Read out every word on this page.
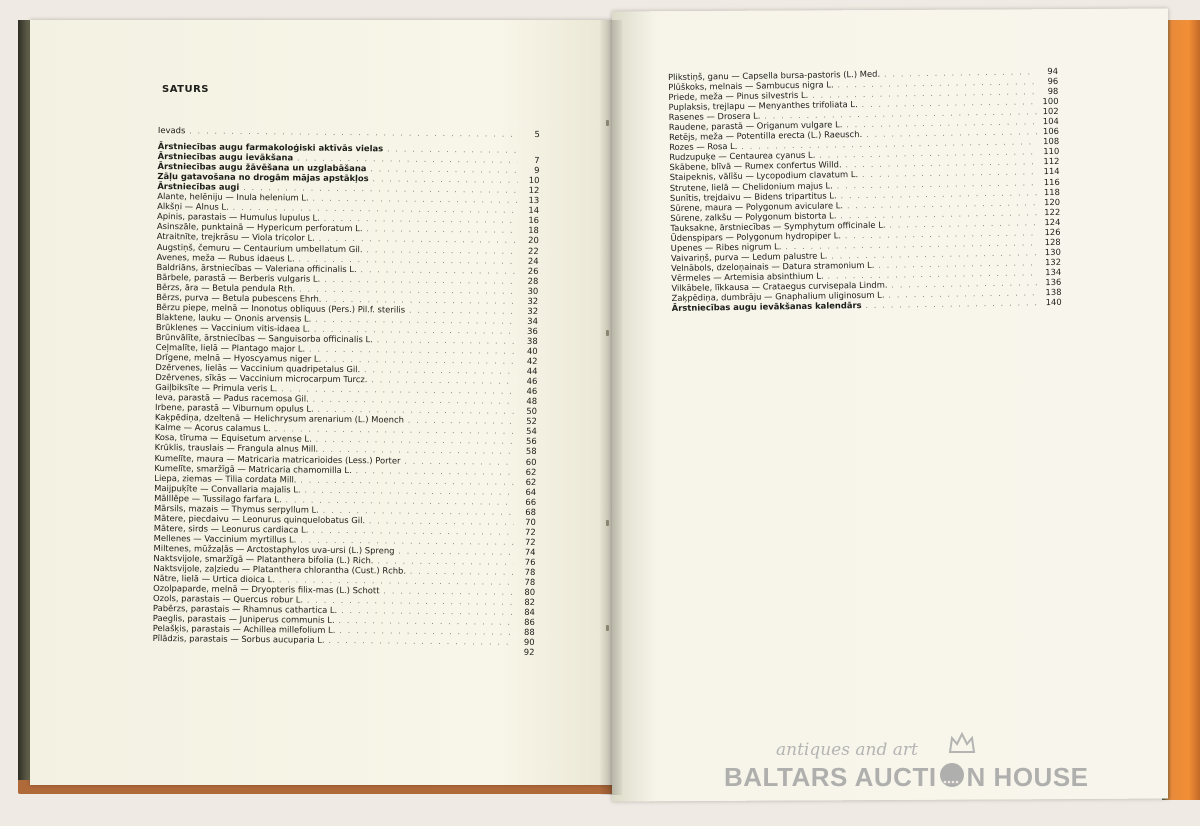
SATURS
Ievads . . .	5
Ārstniecības augu farmakoloģiski aktīvās vielas
. . .
Ārstniecības augu ievākšana . . .	7
Ārstniecības augu žāvēšana un uzglabāšana . . .	9
Zāļu gatavošana no drogām mājas apstākļos . . .	10
Ārstniecības augi . . .	12
Alante, helēniju — Inula helenium L. . . .	13
Alkšņi — Alnus L. . . .	14
Apinis, parastais — Humulus lupulus L. . . .	16
Asinszāle, punktainā — Hypericum perforatum L. . . .	18
Atraitnīte, trejkrāsu — Viola tricolor L. . . .	20
Augstiņš, čemuru — Centaurium umbellatum Gil. . . .	22
Avenes, meža — Rubus idaeus L. . . .	24
Baldriāns, ārstniecības — Valeriana officinalis L. . . .	26
Bārbele, parastā — Berberis vulgaris L. . . .	28
Bērzs, āra — Betula pendula Rth. . . .	30
Bērzs, purva — Betula pubescens Ehrh. . . .	32
Bērzu piepe, melnā — Inonotus obliquus (Pers.) Pil.f. sterilis . . .	32
Blaktene, lauku — Ononis arvensis L. . . .	34
Brūklenes — Vaccinium vitis-idaea L. . . .	36
Brūnvālīte, ārstniecības — Sanguisorba officinalis L. . . .	38
Ceļmalīte, lielā — Plantago major L. . . .	40
Drīgene, melnā — Hyoscyamus niger L. . . .	42
Dzērvenes, lielās — Vaccinium quadripetalus Gil. . . .	44
Dzērvenes, sīkās — Vaccinium microcarpum Turcz. . . .	46
Gaiļbiksīte — Primula veris L. . . .	46
Ieva, parastā — Padus racemosa Gil. . . .	48
Irbene, parastā — Viburnum opulus L. . . .	50
Kaķpēdiņa, dzeltenā — Helichrysum arenarium (L.) Moench . . .	52
Kalme — Acorus calamus L. . . .	54
Kosa, tīruma — Equisetum arvense L. . . .	56
Krūklis, trauslais — Frangula alnus Mill. . . .	58
Kumelīte, maura — Matricaria matricarioides (Less.) Porter . . .	60
Kumelīte, smaržīgā — Matricaria chamomilla L. . . .	62
Liepa, ziemas — Tilia cordata Mill. . . .	62
Maijpuķīte — Convallaria majalis L. . . .	64
Mālllēpe — Tussilago farfara L. . . .	66
Mārsils, mazais — Thymus serpyllum L. . . .	68
Mātere, piecdaivu — Leonurus quinquelobatus Gil. . . .	70
Mātere, sirds — Leonurus cardiaca L. . . .	72
Mellenes — Vaccinium myrtillus L. . . .	72
Miltenes, mūžzaļās — Arctostaphylos uva-ursi (L.) Spreng . . .	74
Naktsvijole, smaržīgā — Platanthera bifolia (L.) Rich. . . .	76
Naktsvijole, zaļziedu — Platanthera chlorantha (Cust.) Rchb. . . .	78
Nātre, lielā — Urtica dioica L. . . .	78
Ozolpaparde, melnā — Dryopteris filix-mas (L.) Schott . . .	80
Ozols, parastais — Quercus robur L. . . .	82
Pabērzs, parastais — Rhamnus cathartica L. . . .	84
Paeglis, parastais — Juniperus communis L. . . .	86
Pelašķis, parastais — Achillea millefolium L. . . .	88
Pīlādzis, parastais — Sorbus aucuparia L. . . .	90
92
Plikstiņš, ganu — Capsella bursa-pastoris (L.) Med. . . .	94
Plūškoks, melnais — Sambucus nigra L. . . .	96
Priede, meža — Pinus silvestris L. . . .	98
Puplaksis, trejlapu — Menyanthes trifoliata L. . . .	100
Rasenes — Drosera L. . . .	102
Raudene, parastā — Origanum vulgare L. . . .	104
Retējs, meža — Potentilla erecta (L.) Raeusch. . . .	106
Rozes — Rosa L. . . .	108
Rudzupuķe — Centaurea cyanus L. . . .	110
Skābene, blīvā — Rumex confertus Willd. . . .	112
Staipeknis, vālīšu — Lycopodium clavatum L. . . .	114
Strutene, lielā — Chelidonium majus L. . . .	116
Sunītis, trejdaivu — Bidens tripartitus L. . . .	118
Sūrene, maura — Polygonum aviculare L. . . .	120
Sūrene, zalkšu — Polygonum bistorta L. . . .	122
Tauksakne, ārstniecības — Symphytum officinale L. . . .	124
Ūdenspipars — Polygonum hydropiper L. . . .	126
Upenes — Ribes nigrum L. . . .	128
Vaivariņš, purva — Ledum palustre L. . . .	130
Velnābols, dzeloņainais — Datura stramonium L. . . .	132
Vērmeles — Artemisia absinthium L. . . .	134
Vilkābele, līkkausa — Crataegus curvisepala Lindm. . . .	136
Zaķpēdiņa, dumbrāju — Gnaphalium uliginosum L. . . .	138
Ārstniecības augu ievākšanas kalendārs . . .	140
antiques and art
BALTARS AUCTI N HOUSE
